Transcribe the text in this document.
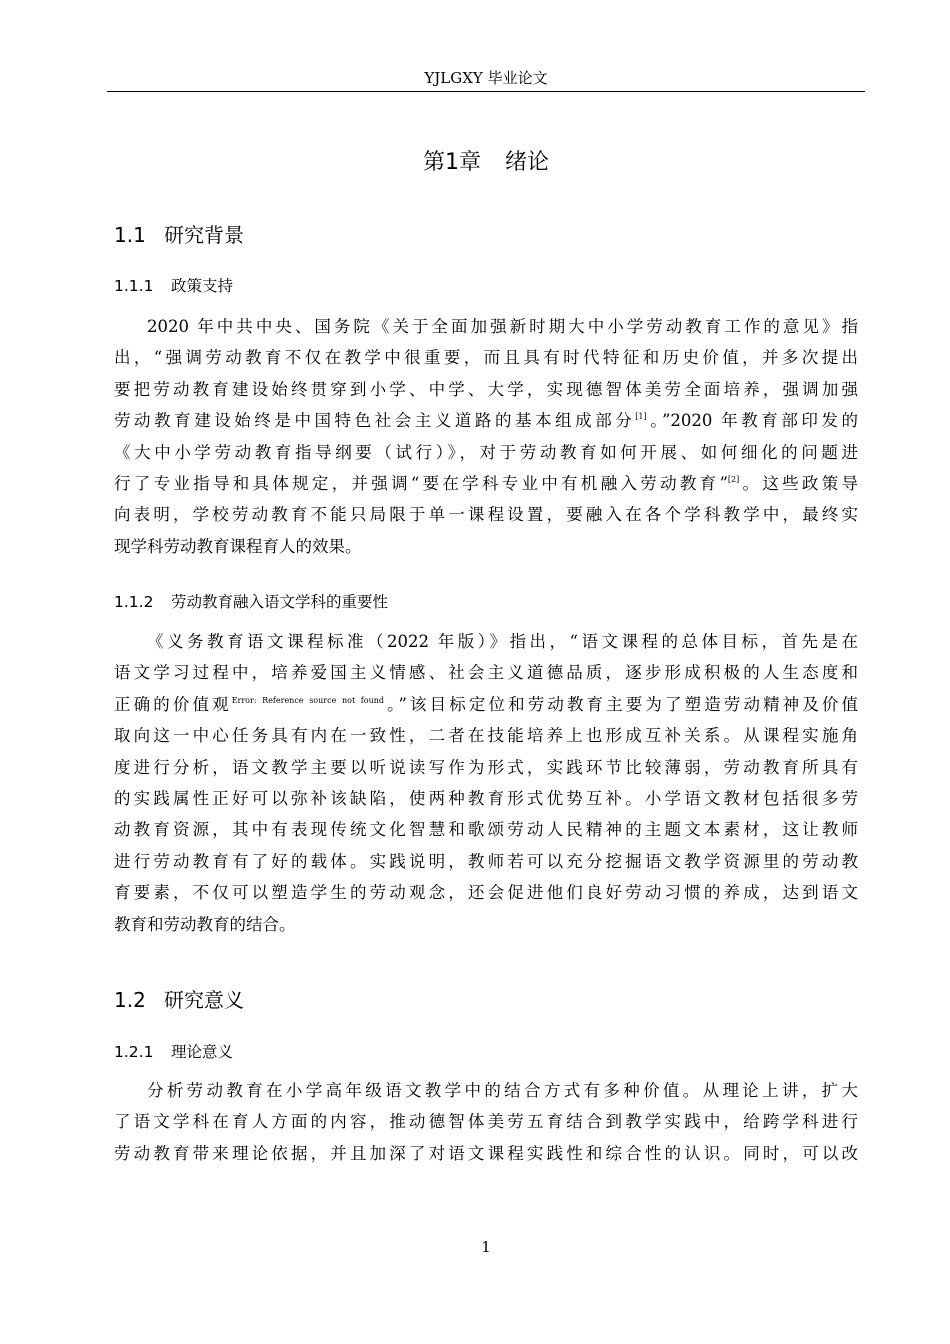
YJLGXY 毕业论文
第1章 绪论
1.1 研究背景
1.1.1 政策支持
2020 年中共中央、国务院《关于全面加强新时期大中小学劳动教育工作的意见》指
出，“强调劳动教育不仅在教学中很重要，而且具有时代特征和历史价值，并多次提出
要把劳动教育建设始终贯穿到小学、中学、大学，实现德智体美劳全面培养，强调加强
劳动教育建设始终是中国特色社会主义道路的基本组成部分[1]。”2020 年教育部印发的
《大中小学劳动教育指导纲要（试行）》，对于劳动教育如何开展、如何细化的问题进
行了专业指导和具体规定，并强调“要在学科专业中有机融入劳动教育”[2]。这些政策导
向表明，学校劳动教育不能只局限于单一课程设置，要融入在各个学科教学中，最终实
现学科劳动教育课程育人的效果。
1.1.2 劳动教育融入语文学科的重要性
《义务教育语文课程标准（2022 年版）》指出，“语文课程的总体目标，首先是在
语文学习过程中，培养爱国主义情感、社会主义道德品质，逐步形成积极的人生态度和
正确的价值观$^{Error: Reference source not found}$。”该目标定位和劳动教育主要为了塑造劳动精神及价值
取向这一中心任务具有内在一致性，二者在技能培养上也形成互补关系。从课程实施角
度进行分析，语文教学主要以听说读写作为形式，实践环节比较薄弱，劳动教育所具有
的实践属性正好可以弥补该缺陷，使两种教育形式优势互补。小学语文教材包括很多劳
动教育资源，其中有表现传统文化智慧和歌颂劳动人民精神的主题文本素材，这让教师
进行劳动教育有了好的载体。实践说明，教师若可以充分挖掘语文教学资源里的劳动教
育要素，不仅可以塑造学生的劳动观念，还会促进他们良好劳动习惯的养成，达到语文
教育和劳动教育的结合。
1.2 研究意义
1.2.1 理论意义
分析劳动教育在小学高年级语文教学中的结合方式有多种价值。从理论上讲，扩大
了语文学科在育人方面的内容，推动德智体美劳五育结合到教学实践中，给跨学科进行
劳动教育带来理论依据，并且加深了对语文课程实践性和综合性的认识。同时，可以改
1
